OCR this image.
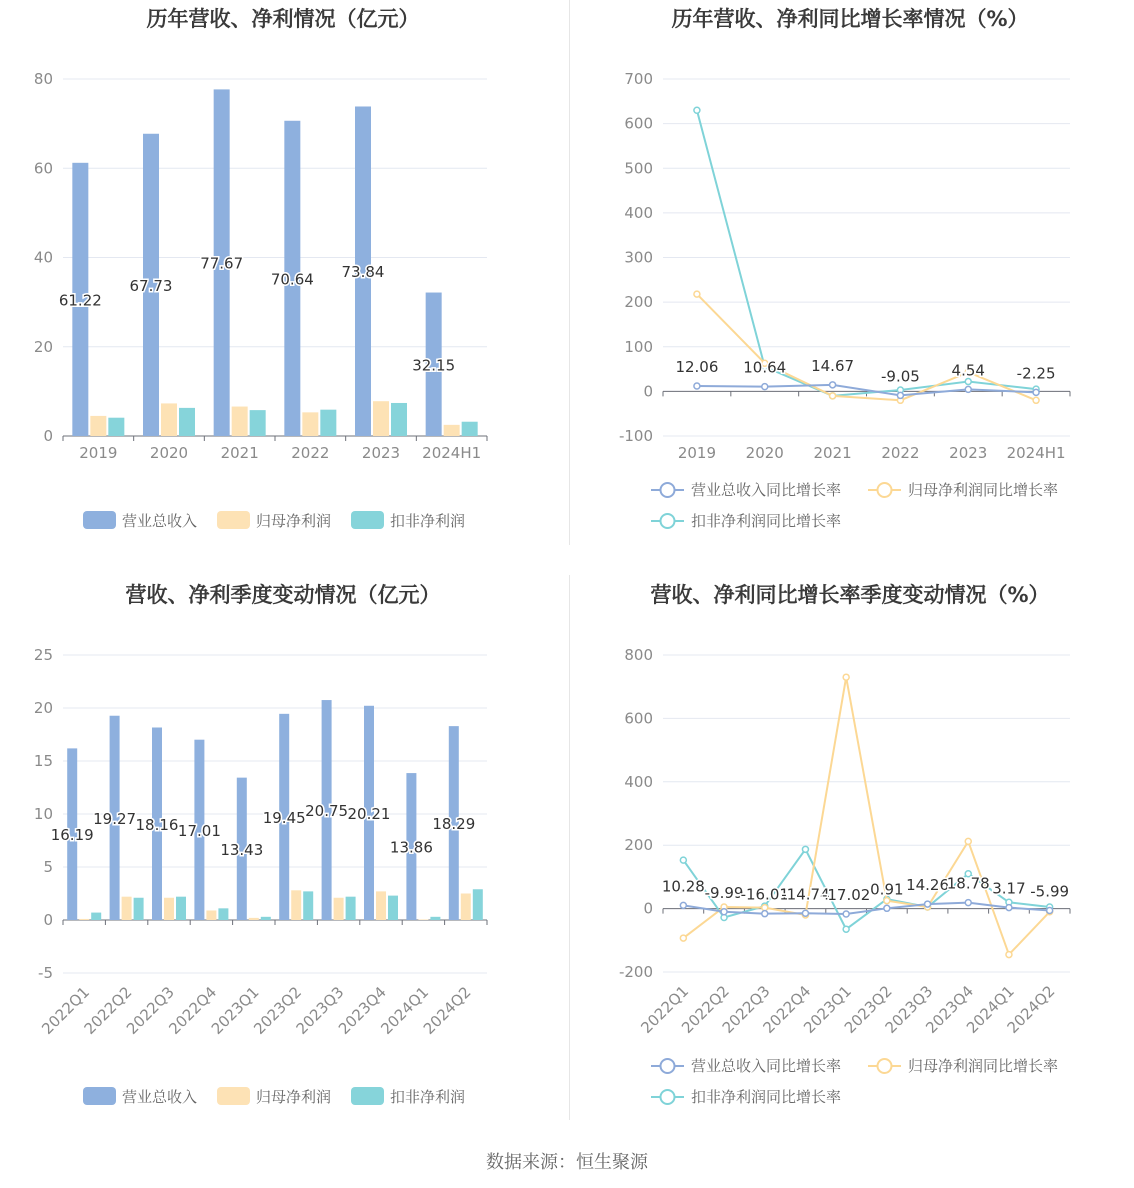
历年营收、净利情况（亿元）
0
20
40
60
80
2019 2020 2021 2022 2023 2024H1
61.22
67.73
77.67
70.64 73.84
32.15
营业总收入	归母净利润	扣非净利润
历年营收、净利同比增长率情况（%）
-100
0
100
200
300
400
500
600
700
2019 2020 2021 2022 2023 2024H1
12.06 10.64 14.67
-9.05 4.54 -2.25
营业总收入同比增长率	归母净利润同比增长率
扣非净利润同比增长率
营收、净利季度变动情况（亿元）
-5
0
5
10
15
20
25
2022Q1
2022Q2
2022Q3
2022Q4
2023Q1
2023Q2
2023Q3
2023Q4
2024Q1
2024Q2
16.19
19.27 18.16 17.01
13.43
19.45 20.75 20.21
13.86
18.29
营业总收入	归母净利润	扣非净利润
营收、净利同比增长率季度变动情况（%）
-200
0
200
400
600
800
2022Q1
2022Q2
2022Q3
2022Q4
2023Q1
2023Q2
2023Q3
2023Q4
2024Q1
2024Q2
10.28 -9.99
-16.01
-14.74
-17.02 0.91 14.26
18.78 3.17 -5.99
营业总收入同比增长率	归母净利润同比增长率
扣非净利润同比增长率
数据来源：恒生聚源
